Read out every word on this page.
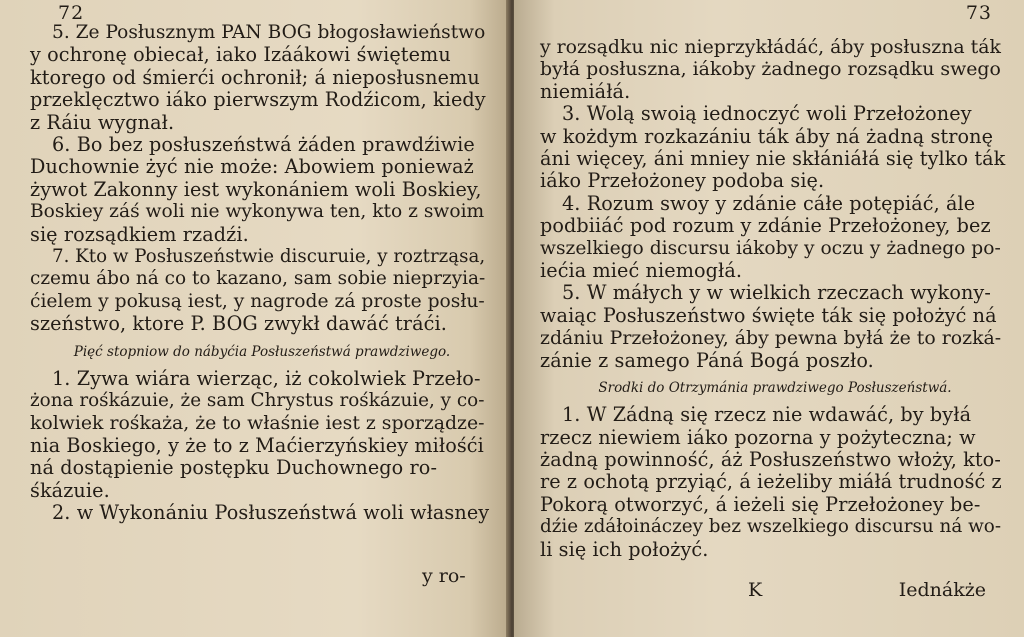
72

5. Ze Posłusznym PAN BOG błogosławieństwo

y ochronę obiecał, iako Izáákowi świętemu

ktorego od śmierći ochronił; á nieposłusnemu

przeklęcztwo iáko pierwszym Rodźicom, kiedy

z Ráiu wygnał.

6. Bo bez posłuszeństwá żáden prawdźiwie

Duchownie żyć nie może: Abowiem ponieważ

żywot Zakonny iest wykonániem woli Boskiey,

Boskiey záś woli nie wykonywa ten, kto z swoim

się rozsądkiem rzadźi.

7. Kto w Posłuszeństwie discuruie, y roztrząsa,

czemu ábo ná co to kazano, sam sobie nieprzyia-

ćielem y pokusą iest, y nagrode zá proste posłu-

szeństwo, ktore P. BOG zwykł dawáć tráći.

Pięć stopniow do nábyćia Posłuszeństwá prawdziwego.

1. Zywa wiára wierząc, iż cokolwiek Przeło-

żona rośkázuie, że sam Chrystus rośkázuie, y co-

kolwiek rośkaża, że to właśnie iest z sporządze-

nia Boskiego, y że to z Maćierzyńskiey miłośći

ná dostąpienie postępku Duchownego ro-

śkázuie.

2. w Wykonániu Posłuszeństwá woli własney

y ro-
73

y rozsądku nic nieprzykłádáć, áby posłuszna ták

byłá posłuszna, iákoby żadnego rozsądku swego

niemiáłá.

3. Wolą swoią iednoczyć woli Przełożoney

w kożdym rozkazániu ták áby ná żadną stronę

áni więcey, áni mniey nie skłániáłá się tylko ták

iáko Przełożoney podoba się.

4. Rozum swoy y zdánie cáłe potępiáć, ále

podbiiáć pod rozum y zdánie Przełożoney, bez

wszelkiego discursu iákoby y oczu y żadnego po-

iećia mieć niemogłá.

5. W máłych y w wielkich rzeczach wykony-

waiąc Posłuszeństwo święte ták się położyć ná

zdániu Przełożoney, áby pewna byłá że to rozká-

zánie z samego Páná Bogá poszło.

Srodki do Otrzymánia prawdziwego Posłuszeństwá.

1. W Zádną się rzecz nie wdawáć, by byłá

rzecz niewiem iáko pozorna y pożyteczna; w

żadną powinność, áż Posłuszeństwo włoży, kto-

re z ochotą przyiąć, á ieżeliby miáłá trudność z

Pokorą otworzyć, á ieżeli się Przełożoney be-

dźie zdáłoináczey bez wszelkiego discursu ná wo-

li się ich położyć.

K	Iednákże
